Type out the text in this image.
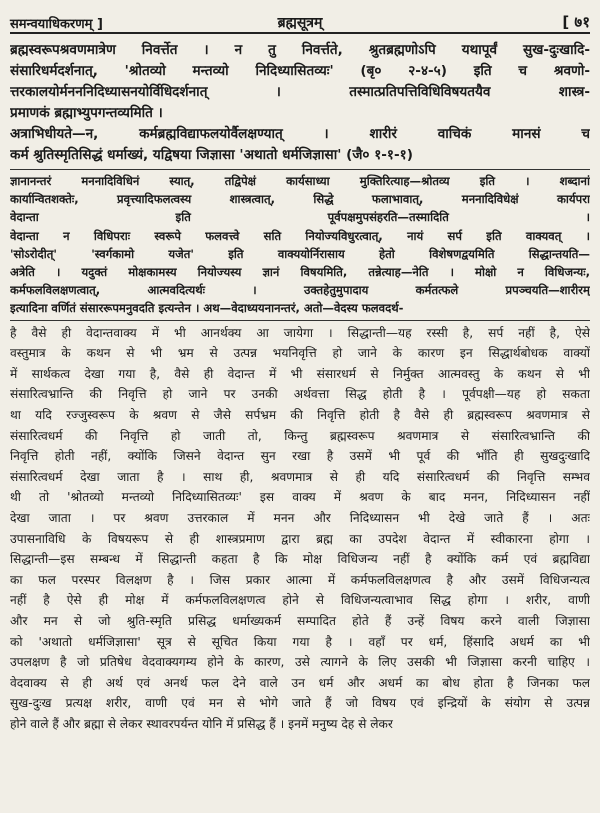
समन्वयाधिकरणम् ]	ब्रह्मसूत्रम्	[ ७१

ब्रह्मस्वरूपश्रवणमात्रेण निवर्त्तेत । न तु निवर्त्तते, श्रुतब्रह्मणोऽपि यथापूर्वं सुख-दुःखादि-

संसारिधर्मदर्शनात्, 'श्रोतव्यो मन्तव्यो निदिध्यासितव्यः' (बृ० २-४-५) इति च श्रवणो-

त्तरकालयोर्मनननिदिध्यासनयोर्विधिदर्शनात् । तस्मात्प्रतिपत्तिविधिविषयतयैव शास्त्र-

प्रमाणकं ब्रह्माभ्युपगन्तव्यमिति ।

अत्राभिधीयते—न, कर्मब्रह्मविद्याफलयोर्वैलक्षण्यात् । शारीरं वाचिकं मानसं च

कर्म श्रुतिस्मृतिसिद्धं धर्माख्यं, यद्विषया जिज्ञासा 'अथातो धर्मजिज्ञासा' (जै० १-१-१)

ज्ञानानन्तरं मननादिविधिनं स्यात्, तद्विपेक्षं कार्यसाध्या मुक्तिरित्याह—श्रोतव्य इति । शब्दानां

कार्यान्वितशक्तेः, प्रवृत्त्यादिफलत्वस्य शास्त्रत्वात्, सिद्धे फलाभावात्, मननादिविधेक्षं कार्यपरा

वेदान्ता इति पूर्वपक्षमुपसंहरति—तस्मादिति ।

वेदान्ता न विधिपराः स्वरूपे फलवत्त्वे सति नियोज्यविधुरत्वात्, नायं सर्प इति वाक्यवत् ।

'सोऽरोदीत्' 'स्वर्गकामो यजेत' इति वाक्ययोर्निरासाय हेतो विशेषणद्वयमिति सिद्धान्तयति—

अत्रेति । यदुक्तं मोक्षकामस्य नियोज्यस्य ज्ञानं विषयमिति, तन्नेत्याह—नेति । मोक्षो न विधिजन्यः,

कर्मफलविलक्षणत्वात्, आत्मवदित्यर्थः । उक्तहेतुमुपादाय कर्मतत्फले प्रपञ्चयति—शारीरम्

इत्यादिना वर्णितं संसाररूपमनुवदति इत्यन्तेन । अथ—वेदाध्ययनानन्तरं, अतो—वेदस्य फलवदर्थ-

है वैसे ही वेदान्तवाक्य में भी आनर्थक्य आ जायेगा । सिद्धान्ती—यह रस्सी है, सर्प नहीं है, ऐसे

वस्तुमात्र के कथन से भी भ्रम से उत्पन्न भयनिवृत्ति हो जाने के कारण इन सिद्धार्थबोधक वाक्यों

में सार्थकत्व देखा गया है, वैसे ही वेदान्त में भी संसारधर्म से निर्मुक्त आत्मवस्तु के कथन से भी

संसारित्वभ्रान्ति की निवृत्ति हो जाने पर उनकी अर्थवत्ता सिद्ध होती है । पूर्वपक्षी—यह हो सकता

था यदि रज्जुस्वरूप के श्रवण से जैसे सर्पभ्रम की निवृत्ति होती है वैसे ही ब्रह्मस्वरूप श्रवणमात्र से

संसारित्वधर्म की निवृत्ति हो जाती तो, किन्तु ब्रह्मस्वरूप श्रवणमात्र से संसारित्वभ्रान्ति की

निवृत्ति होती नहीं, क्योंकि जिसने वेदान्त सुन रखा है उसमें भी पूर्व की भाँति ही सुखदुःखादि

संसारित्वधर्म देखा जाता है । साथ ही, श्रवणमात्र से ही यदि संसारित्वधर्म की निवृत्ति सम्भव

थी तो 'श्रोतव्यो मन्तव्यो निदिध्यासितव्यः' इस वाक्य में श्रवण के बाद मनन, निदिध्यासन नहीं

देखा जाता । पर श्रवण उत्तरकाल में मनन और निदिध्यासन भी देखे जाते हैं । अतः

उपासनाविधि के विषयरूप से ही शास्त्रप्रमाण द्वारा ब्रह्म का उपदेश वेदान्त में स्वीकारना होगा ।

सिद्धान्ती—इस सम्बन्ध में सिद्धान्ती कहता है कि मोक्ष विधिजन्य नहीं है क्योंकि कर्म एवं ब्रह्मविद्या

का फल परस्पर विलक्षण है । जिस प्रकार आत्मा में कर्मफलविलक्षणत्व है और उसमें विधिजन्यत्व

नहीं है ऐसे ही मोक्ष में कर्मफलविलक्षणत्व होने से विधिजन्यत्वाभाव सिद्ध होगा । शरीर, वाणी

और मन से जो श्रुति-स्मृति प्रसिद्ध धर्माख्यकर्म सम्पादित होते हैं उन्हें विषय करने वाली जिज्ञासा

को 'अथातो धर्मजिज्ञासा' सूत्र से सूचित किया गया है । वहाँ पर धर्म, हिंसादि अधर्म का भी

उपलक्षण है जो प्रतिषेध वेदवाक्यगम्य होने के कारण, उसे त्यागने के लिए उसकी भी जिज्ञासा करनी चाहिए ।

वेदवाक्य से ही अर्थ एवं अनर्थ फल देने वाले उन धर्म और अधर्म का बोध होता है जिनका फल

सुख-दुःख प्रत्यक्ष शरीर, वाणी एवं मन से भोगे जाते हैं जो विषय एवं इन्द्रियों के संयोग से उत्पन्न

होने वाले हैं और ब्रह्मा से लेकर स्थावरपर्यन्त योनि में प्रसिद्ध हैं । इनमें मनुष्य देह से लेकर
